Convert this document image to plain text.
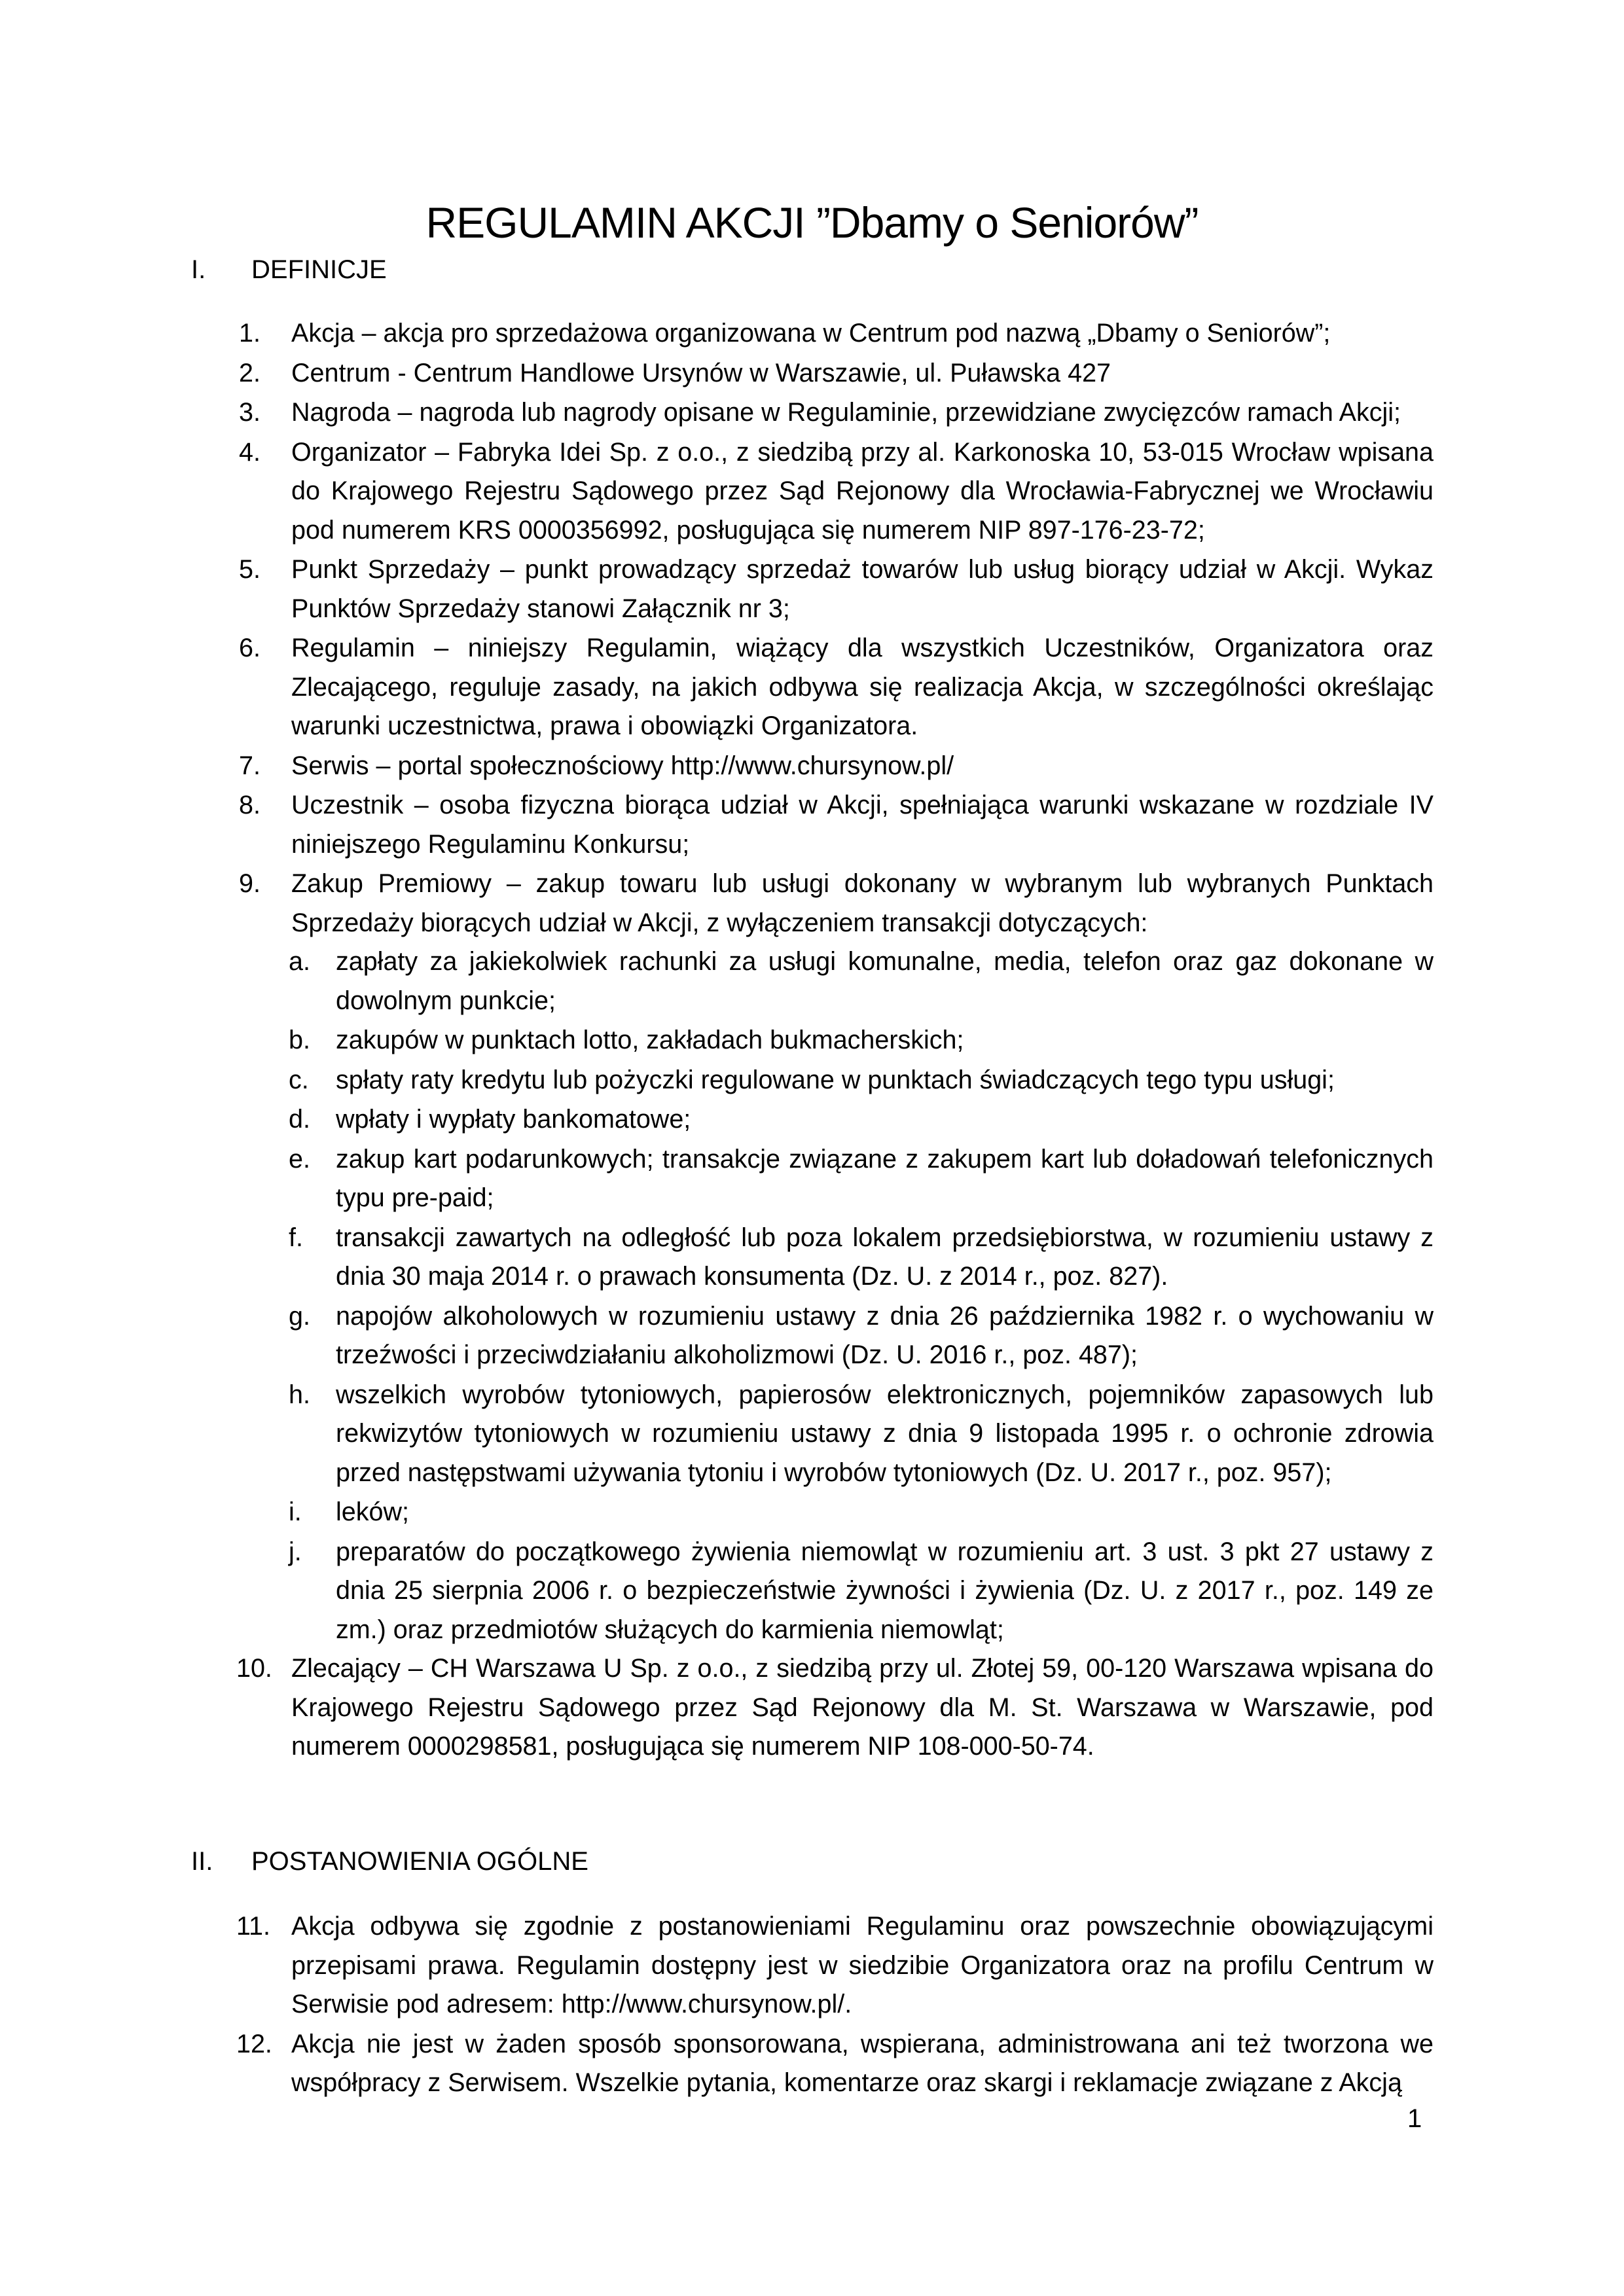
REGULAMIN AKCJI ”Dbamy o Seniorów”
I. DEFINICJE
1.	Akcja – akcja pro sprzedażowa organizowana w Centrum pod nazwą „Dbamy o Seniorów”;
2.	Centrum - Centrum Handlowe Ursynów w Warszawie, ul. Puławska 427
3.	Nagroda – nagroda lub nagrody opisane w Regulaminie, przewidziane zwycięzców ramach Akcji;
4.	Organizator – Fabryka Idei Sp. z o.o., z siedzibą przy al. Karkonoska 10, 53-015 Wrocław wpisana do Krajowego Rejestru Sądowego przez Sąd Rejonowy dla Wrocławia-Fabrycznej we Wrocławiu pod numerem KRS 0000356992, posługująca się numerem NIP 897-176-23-72;
5.	Punkt Sprzedaży – punkt prowadzący sprzedaż towarów lub usług biorący udział w Akcji. Wykaz Punktów Sprzedaży stanowi Załącznik nr 3;
6.	Regulamin – niniejszy Regulamin, wiążący dla wszystkich Uczestników, Organizatora oraz Zlecającego, reguluje zasady, na jakich odbywa się realizacja Akcja, w szczególności określając warunki uczestnictwa, prawa i obowiązki Organizatora.
7.	Serwis – portal społecznościowy http://www.chursynow.pl/
8.	Uczestnik – osoba fizyczna biorąca udział w Akcji, spełniająca warunki wskazane w rozdziale IV niniejszego Regulaminu Konkursu;
9.	Zakup Premiowy – zakup towaru lub usługi dokonany w wybranym lub wybranych Punktach Sprzedaży biorących udział w Akcji, z wyłączeniem transakcji dotyczących:
a. zapłaty za jakiekolwiek rachunki za usługi komunalne, media, telefon oraz gaz dokonane w dowolnym punkcie;
b. zakupów w punktach lotto, zakładach bukmacherskich;
c.	spłaty raty kredytu lub pożyczki regulowane w punktach świadczących tego typu usługi;
d. wpłaty i wypłaty bankomatowe;
e. zakup kart podarunkowych; transakcje związane z zakupem kart lub doładowań telefonicznych typu pre-paid;
f.	transakcji zawartych na odległość lub poza lokalem przedsiębiorstwa, w rozumieniu ustawy z dnia 30 maja 2014 r. o prawach konsumenta (Dz. U. z 2014 r., poz. 827).
g. napojów alkoholowych w rozumieniu ustawy z dnia 26 października 1982 r. o wychowaniu w trzeźwości i przeciwdziałaniu alkoholizmowi (Dz. U. 2016 r., poz. 487);
h. wszelkich wyrobów tytoniowych, papierosów elektronicznych, pojemników zapasowych lub rekwizytów tytoniowych w rozumieniu ustawy z dnia 9 listopada 1995 r. o ochronie zdrowia przed następstwami używania tytoniu i wyrobów tytoniowych (Dz. U. 2017 r., poz. 957);
i.	leków;
j.	preparatów do początkowego żywienia niemowląt w rozumieniu art. 3 ust. 3 pkt 27 ustawy z dnia 25 sierpnia 2006 r. o bezpieczeństwie żywności i żywienia (Dz. U. z 2017 r., poz. 149 ze zm.) oraz przedmiotów służących do karmienia niemowląt;
10. Zlecający – CH Warszawa U Sp. z o.o., z siedzibą przy ul. Złotej 59, 00-120 Warszawa wpisana do Krajowego Rejestru Sądowego przez Sąd Rejonowy dla M. St. Warszawa w Warszawie, pod numerem 0000298581, posługująca się numerem NIP 108-000-50-74.
II. POSTANOWIENIA OGÓLNE
11. Akcja odbywa się zgodnie z postanowieniami Regulaminu oraz powszechnie obowiązującymi przepisami prawa. Regulamin dostępny jest w siedzibie Organizatora oraz na profilu Centrum w Serwisie pod adresem: http://www.chursynow.pl/.
12. Akcja nie jest w żaden sposób sponsorowana, wspierana, administrowana ani też tworzona we współpracy z Serwisem. Wszelkie pytania, komentarze oraz skargi i reklamacje związane z Akcją
1
